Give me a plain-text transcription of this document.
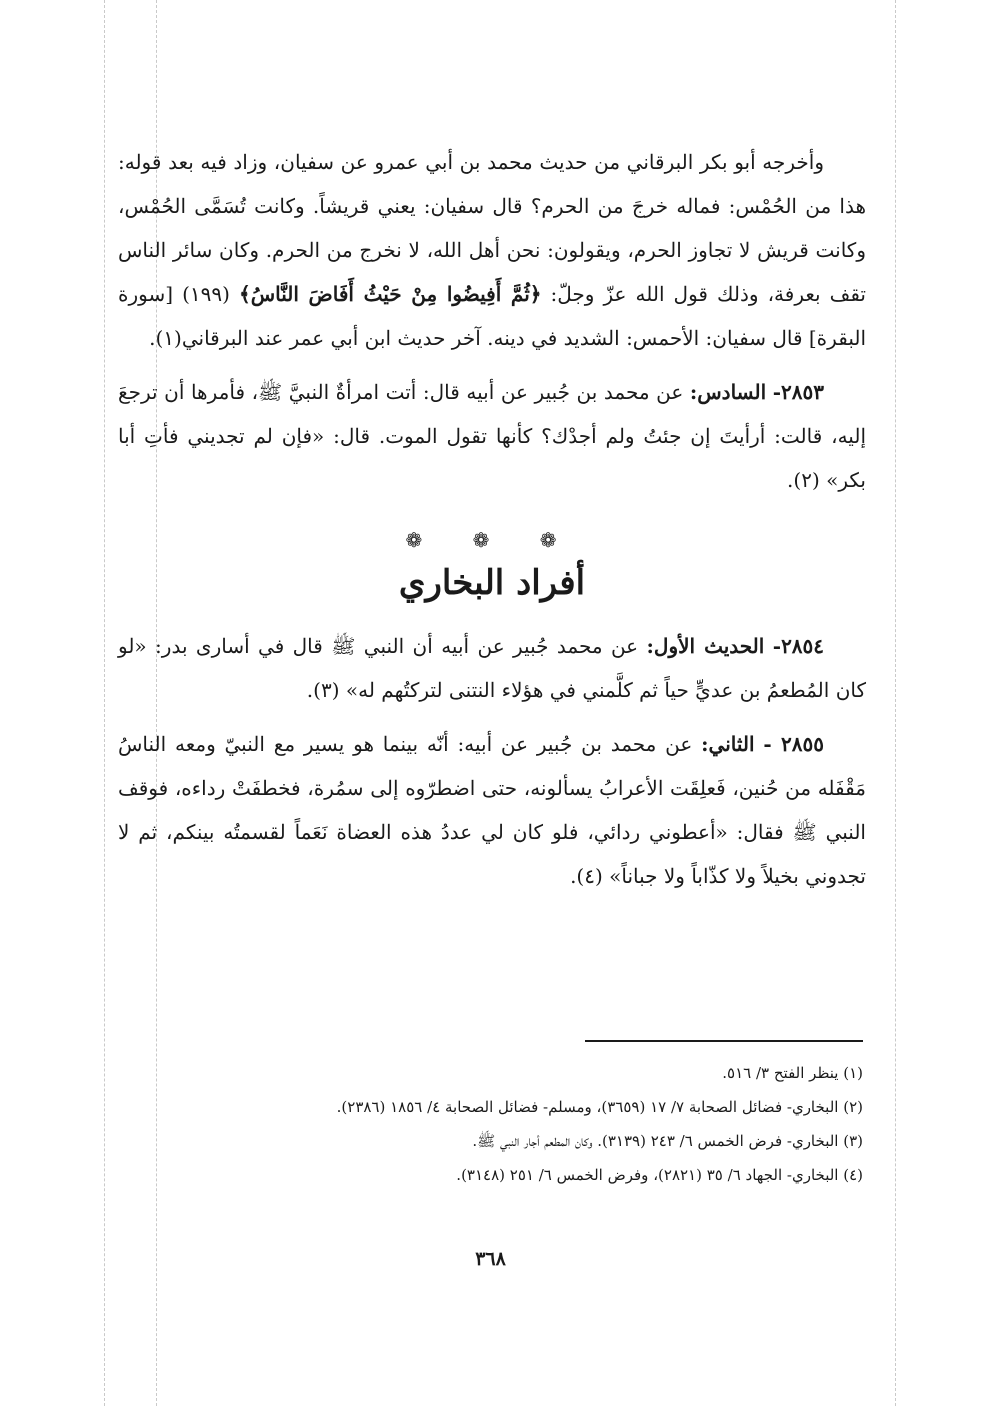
وأخرجه أبو بكر البرقاني من حديث محمد بن أبي عمرو عن سفيان، وزاد فيه بعد قوله: هذا من الحُمْس: فماله خرجَ من الحرم؟ قال سفيان: يعني قريشاً. وكانت تُسَمَّى الحُمْس، وكانت قريش لا تجاوز الحرم، ويقولون: نحن أهل الله، لا نخرج من الحرم. وكان سائر الناس تقف بعرفة، وذلك قول الله عزّ وجلّ: ﴿ثُمَّ أَفِيضُوا مِنْ حَيْثُ أَفَاضَ النَّاسُ﴾ (١٩٩) [سورة البقرة] قال سفيان: الأحمس: الشديد في دينه. آخر حديث ابن أبي عمر عند البرقاني(١).

٢٨٥٣- السادس: عن محمد بن جُبير عن أبيه قال: أتت امرأةٌ النبيَّ ﷺ، فأمرها أن ترجعَ إليه، قالت: أرأيتَ إن جئتُ ولم أجدْك؟ كأنها تقول الموت. قال: «فإن لم تجديني فأتِ أبا بكر» (٢).

❁ ❁ ❁
أفراد البخاري

٢٨٥٤- الحديث الأول: عن محمد جُبير عن أبيه أن النبي ﷺ قال في أسارى بدر: «لو كان المُطعمُ بن عديٍّ حياً ثم كلَّمني في هؤلاء النتنى لتركتُهم له» (٣).

٢٨٥٥ - الثاني: عن محمد بن جُبير عن أبيه: أنّه بينما هو يسير مع النبيّ ومعه الناسُ مَقْفَله من حُنين، فَعلِقَت الأعرابُ يسألونه، حتى اضطرّوه إلى سمُرة، فخطفَتْ رداءه، فوقف النبي ﷺ فقال: «أعطوني ردائي، فلو كان لي عددُ هذه العضاة نَعَماً لقسمتُه بينكم، ثم لا تجدوني بخيلاً ولا كذّاباً ولا جباناً» (٤).

(١) ينظر الفتح ٣/ ٥١٦.

(٢) البخاري- فضائل الصحابة ٧/ ١٧ (٣٦٥٩)، ومسلم- فضائل الصحابة ٤/ ١٨٥٦ (٢٣٨٦).

(٣) البخاري- فرض الخمس ٦/ ٢٤٣ (٣١٣٩). وكان المطعم أجار النبي ﷺ.

(٤) البخاري- الجهاد ٦/ ٣٥ (٢٨٢١)، وفرض الخمس ٦/ ٢٥١ (٣١٤٨).

٣٦٨
